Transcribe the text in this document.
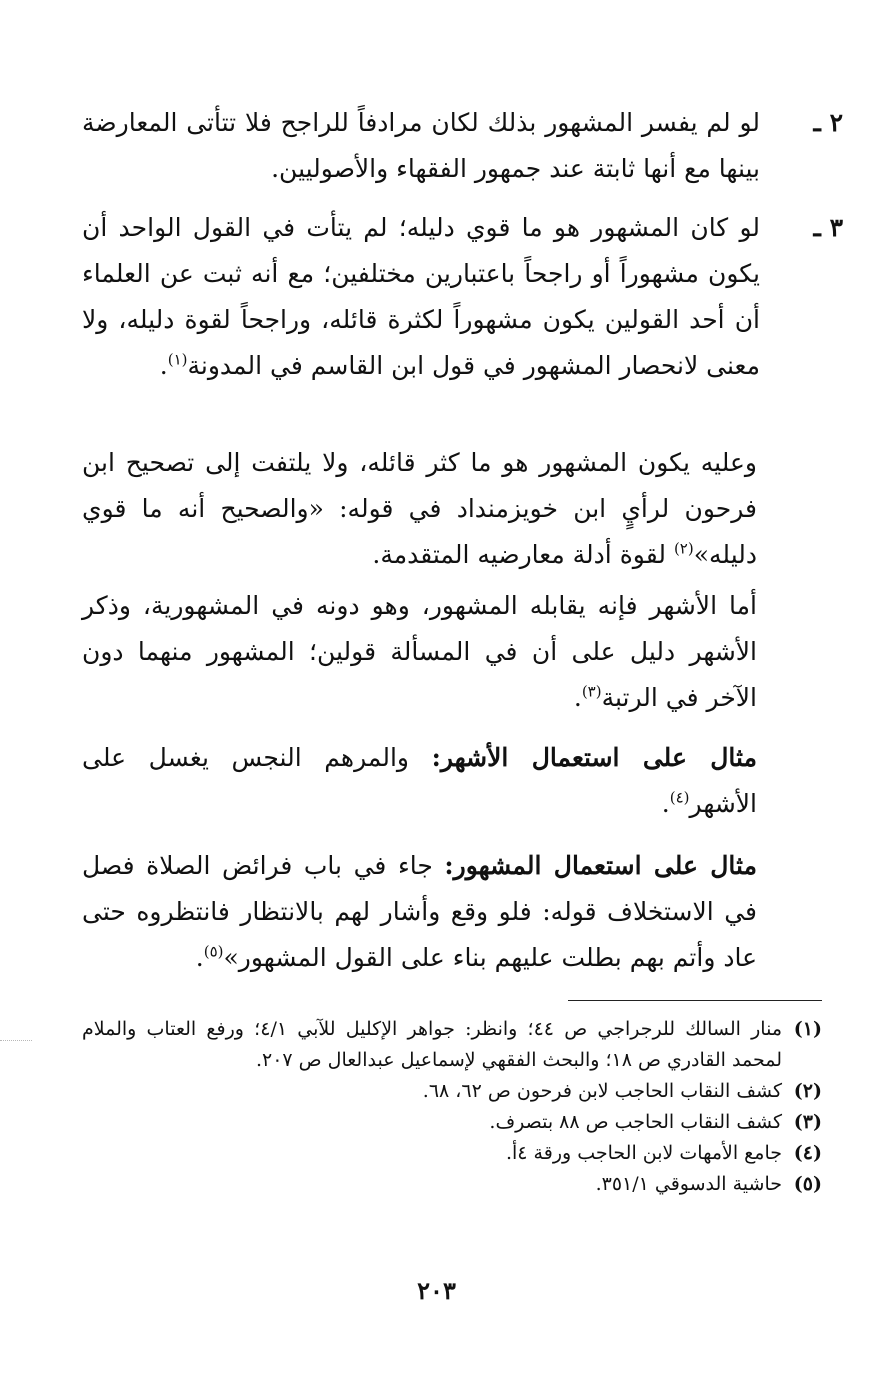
٢ ـ
لو لم يفسر المشهور بذلك لكان مرادفاً للراجح فلا تتأتى المعارضة بينها مع أنها ثابتة عند جمهور الفقهاء والأصوليين.
٣ ـ
لو كان المشهور هو ما قوي دليله؛ لم يتأت في القول الواحد أن يكون مشهوراً أو راجحاً باعتبارين مختلفين؛ مع أنه ثبت عن العلماء أن أحد القولين يكون مشهوراً لكثرة قائله، وراجحاً لقوة دليله، ولا معنى لانحصار المشهور في قول ابن القاسم في المدونة$^{(١)}$.
وعليه يكون المشهور هو ما كثر قائله، ولا يلتفت إلى تصحيح ابن فرحون لرأيٍ ابن خويزمنداد في قوله: «والصحيح أنه ما قوي دليله»$^{(٢)}$ لقوة أدلة معارضيه المتقدمة.
أما الأشهر فإنه يقابله المشهور، وهو دونه في المشهورية، وذكر الأشهر دليل على أن في المسألة قولين؛ المشهور منهما دون الآخر في الرتبة$^{(٣)}$.
مثال على استعمال الأشهر: والمرهم النجس يغسل على الأشهر$^{(٤)}$.
مثال على استعمال المشهور: جاء في باب فرائض الصلاة فصل في الاستخلاف قوله: فلو وقع وأشار لهم بالانتظار فانتظروه حتى عاد وأتم بهم بطلت عليهم بناء على القول المشهور»$^{(٥)}$.
(١)
منار السالك للرجراجي ص ٤٤؛ وانظر: جواهر الإكليل للآبي ٤/١؛ ورفع العتاب والملام لمحمد القادري ص ١٨؛ والبحث الفقهي لإسماعيل عبدالعال ص ٢٠٧.
(٢)
كشف النقاب الحاجب لابن فرحون ص ٦٢، ٦٨.
(٣)
كشف النقاب الحاجب ص ٨٨ بتصرف.
(٤)
جامع الأمهات لابن الحاجب ورقة ٤أ.
(٥)
حاشية الدسوقي ٣٥١/١.
٢٠٣
